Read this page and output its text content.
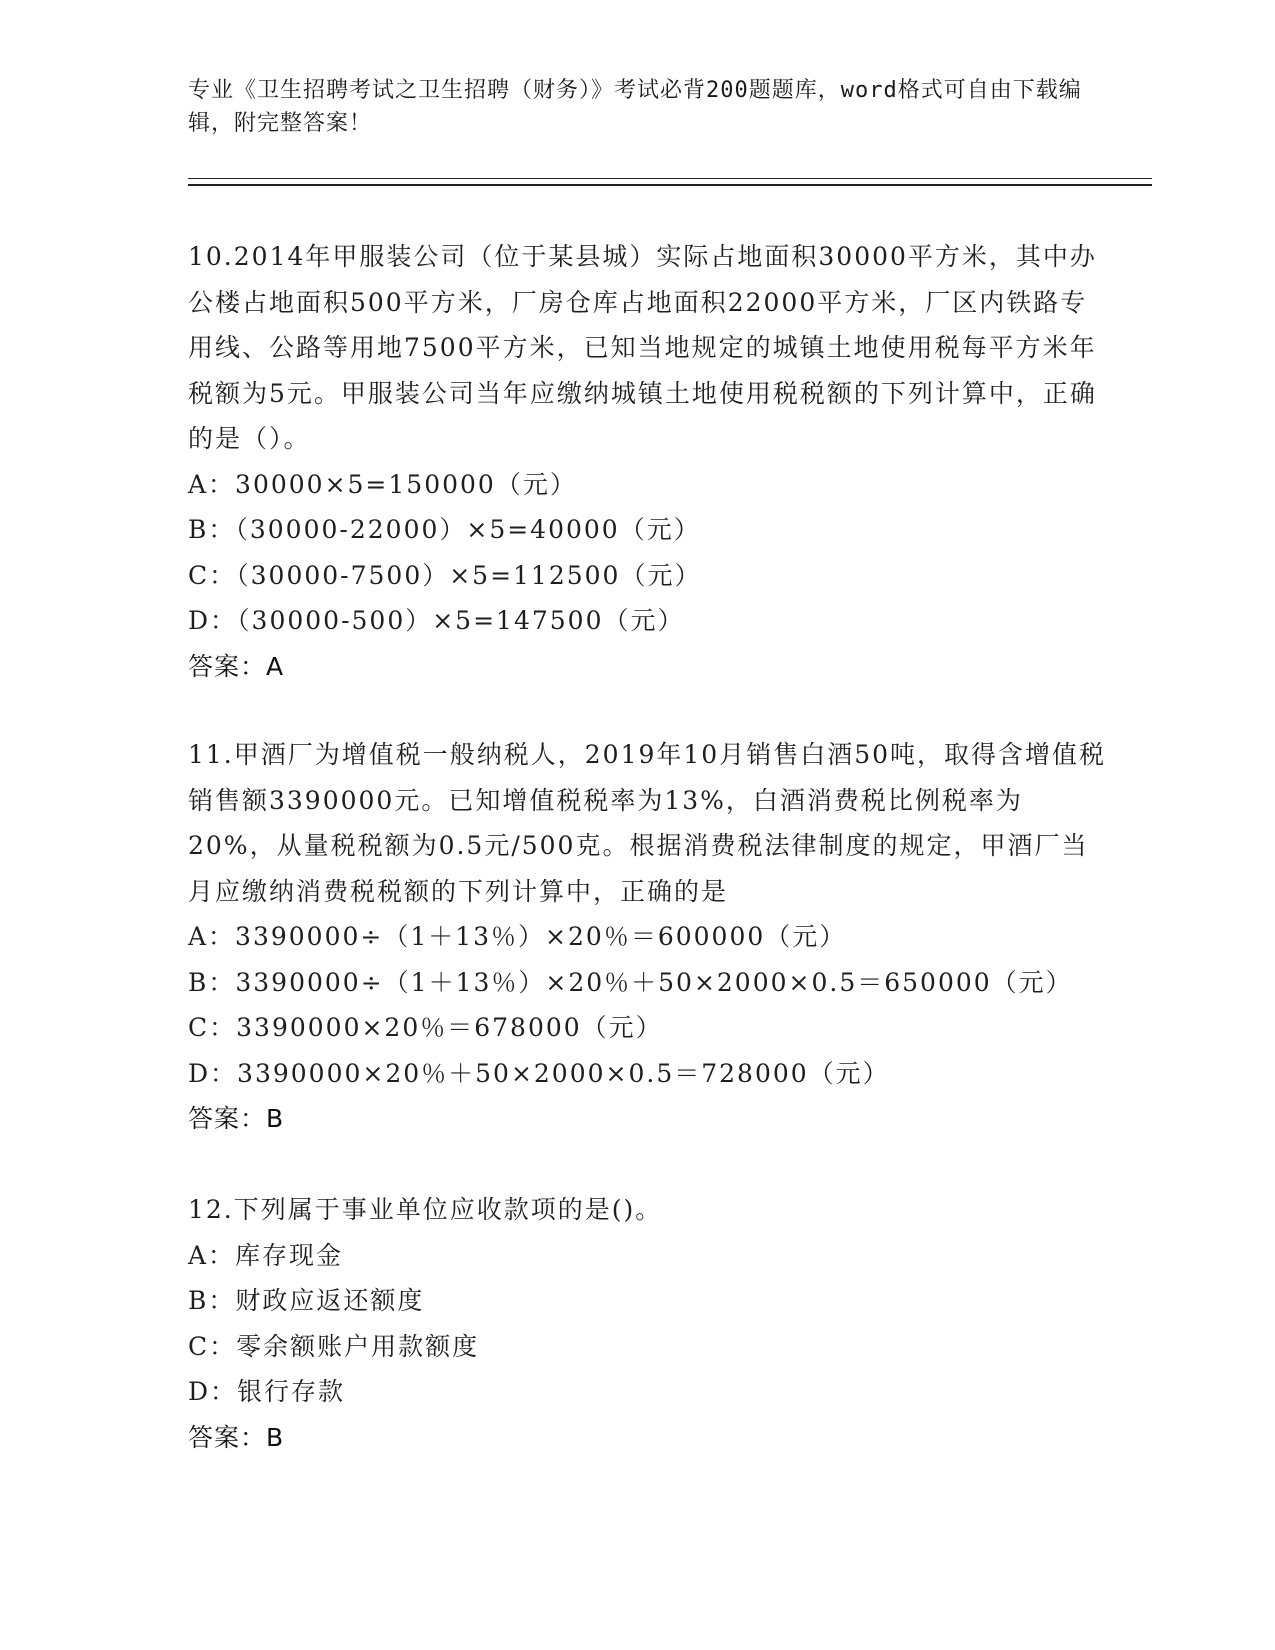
专业《卫生招聘考试之卫生招聘（财务）》考试必背200题题库，word格式可自由下载编辑，附完整答案！
10.2014年甲服装公司（位于某县城）实际占地面积30000平方米，其中办公楼占地面积500平方米，厂房仓库占地面积22000平方米，厂区内铁路专用线、公路等用地7500平方米，已知当地规定的城镇土地使用税每平方米年税额为5元。甲服装公司当年应缴纳城镇土地使用税税额的下列计算中，正确的是（）。
A：30000×5=150000（元）
B：（30000-22000）×5=40000（元）
C：（30000-7500）×5=112500（元）
D：（30000-500）×5=147500（元）
答案：A
11.甲酒厂为增值税一般纳税人，2019年10月销售白酒50吨，取得含增值税销售额3390000元。已知增值税税率为13%，白酒消费税比例税率为20%，从量税税额为0.5元/500克。根据消费税法律制度的规定，甲酒厂当月应缴纳消费税税额的下列计算中，正确的是
A：3390000÷（1＋13％）×20％＝600000（元）
B：3390000÷（1＋13％）×20％＋50×2000×0.5＝650000（元）
C：3390000×20％＝678000（元）
D：3390000×20％＋50×2000×0.5＝728000（元）
答案：B
12.下列属于事业单位应收款项的是()。
A：库存现金
B：财政应返还额度
C：零余额账户用款额度
D：银行存款
答案：B
